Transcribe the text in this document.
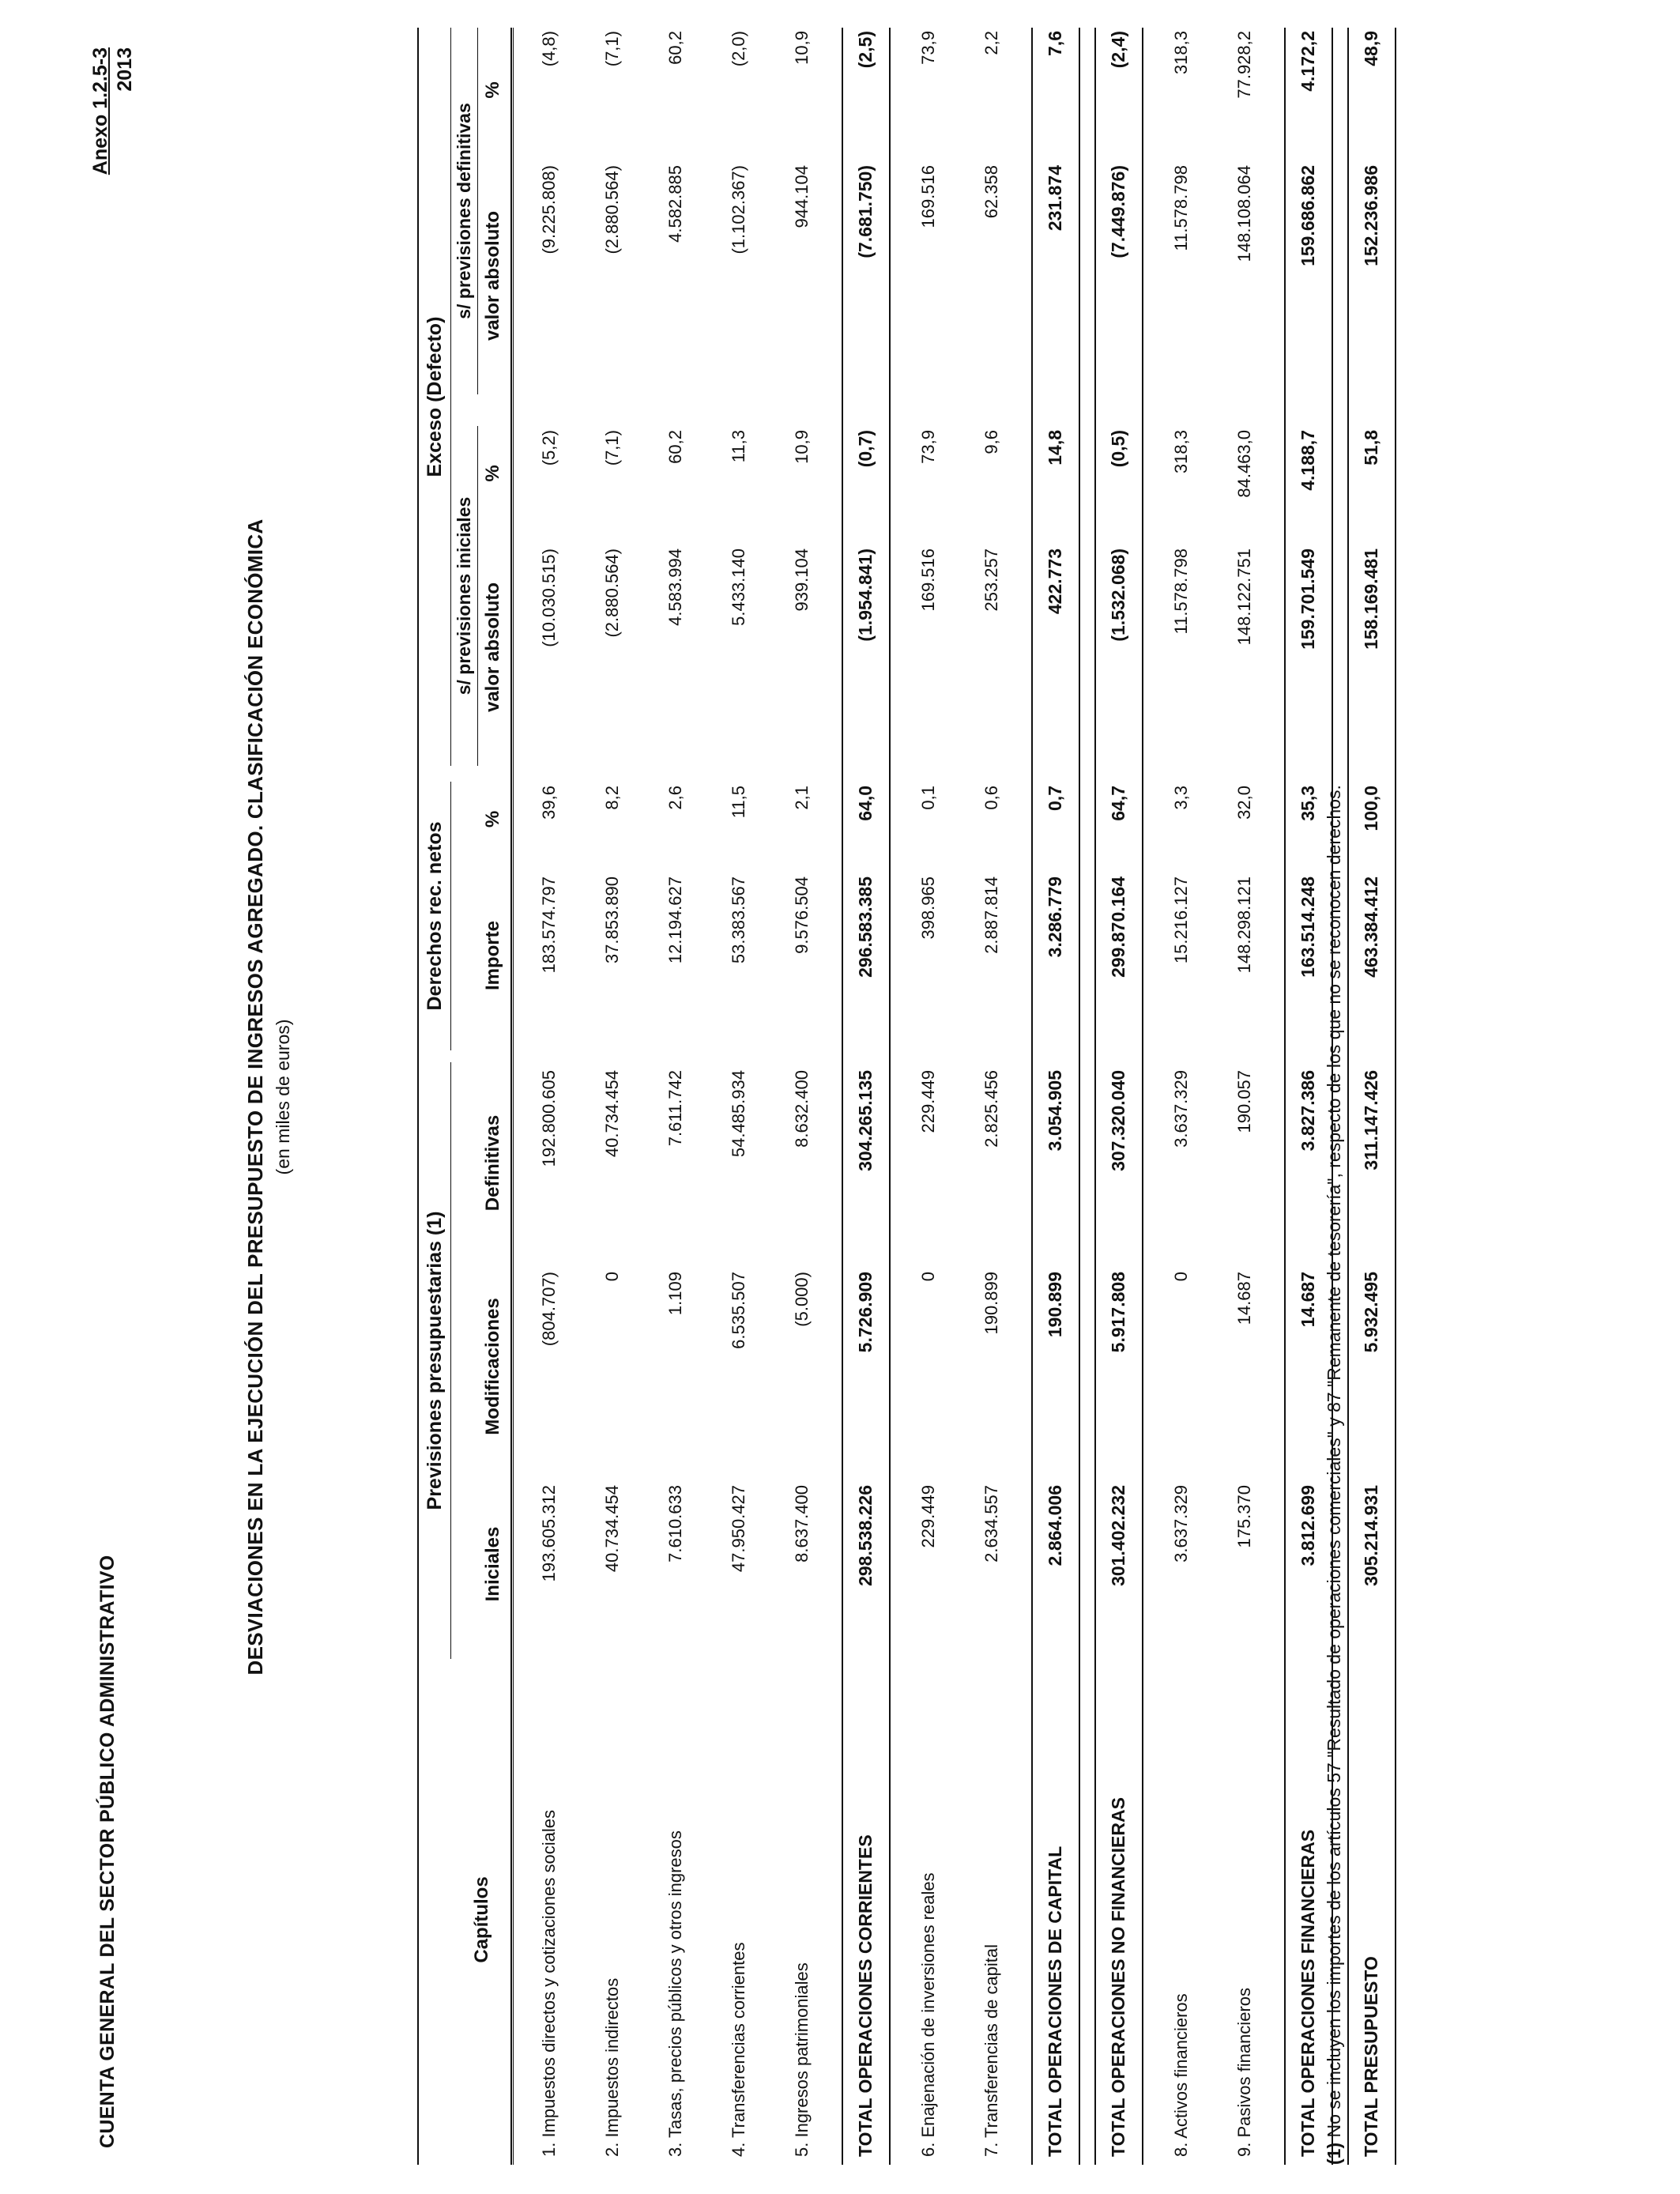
CUENTA GENERAL DEL SECTOR PÚBLICO ADMINISTRATIVO
Anexo 1.2.5-3 2013
DESVIACIONES EN LA EJECUCIÓN DEL PRESUPUESTO DE INGRESOS AGREGADO. CLASIFICACIÓN ECONÓMICA (en miles de euros)
Capítulos
Previsiones presupuestarias (1)
Derechos rec. netos
Exceso (Defecto)
s/ previsiones iniciales
s/ previsiones definitivas
Iniciales
Modificaciones
Definitivas
Importe
%
valor absoluto
%
valor absoluto
%
1. Impuestos directos y cotizaciones sociales
193.605.312
(804.707)
192.800.605
183.574.797
39,6
(10.030.515)
(5,2)
(9.225.808)
(4,8)
2. Impuestos indirectos
40.734.454
0
40.734.454
37.853.890
8,2
(2.880.564)
(7,1)
(2.880.564)
(7,1)
3. Tasas, precios públicos y otros ingresos
7.610.633
1.109
7.611.742
12.194.627
2,6
4.583.994
60,2
4.582.885
60,2
4. Transferencias corrientes
47.950.427
6.535.507
54.485.934
53.383.567
11,5
5.433.140
11,3
(1.102.367)
(2,0)
5. Ingresos patrimoniales
8.637.400
(5.000)
8.632.400
9.576.504
2,1
939.104
10,9
944.104
10,9
TOTAL OPERACIONES CORRIENTES
298.538.226
5.726.909
304.265.135
296.583.385
64,0
(1.954.841)
(0,7)
(7.681.750)
(2,5)
6. Enajenación de inversiones reales
229.449
0
229.449
398.965
0,1
169.516
73,9
169.516
73,9
7. Transferencias de capital
2.634.557
190.899
2.825.456
2.887.814
0,6
253.257
9,6
62.358
2,2
TOTAL OPERACIONES DE CAPITAL
2.864.006
190.899
3.054.905
3.286.779
0,7
422.773
14,8
231.874
7,6
TOTAL OPERACIONES NO FINANCIERAS
301.402.232
5.917.808
307.320.040
299.870.164
64,7
(1.532.068)
(0,5)
(7.449.876)
(2,4)
8. Activos financieros
3.637.329
0
3.637.329
15.216.127
3,3
11.578.798
318,3
11.578.798
318,3
9. Pasivos financieros
175.370
14.687
190.057
148.298.121
32,0
148.122.751
84.463,0
148.108.064
77.928,2
TOTAL OPERACIONES FINANCIERAS
3.812.699
14.687
3.827.386
163.514.248
35,3
159.701.549
4.188,7
159.686.862
4.172,2
TOTAL PRESUPUESTO
305.214.931
5.932.495
311.147.426
463.384.412
100,0
158.169.481
51,8
152.236.986
48,9
(1) No se incluyen los importes de los artículos 57 "Resultado de operaciones comerciales" y 87 "Remanente de tesorería", respecto de los que no se reconocen derechos.
